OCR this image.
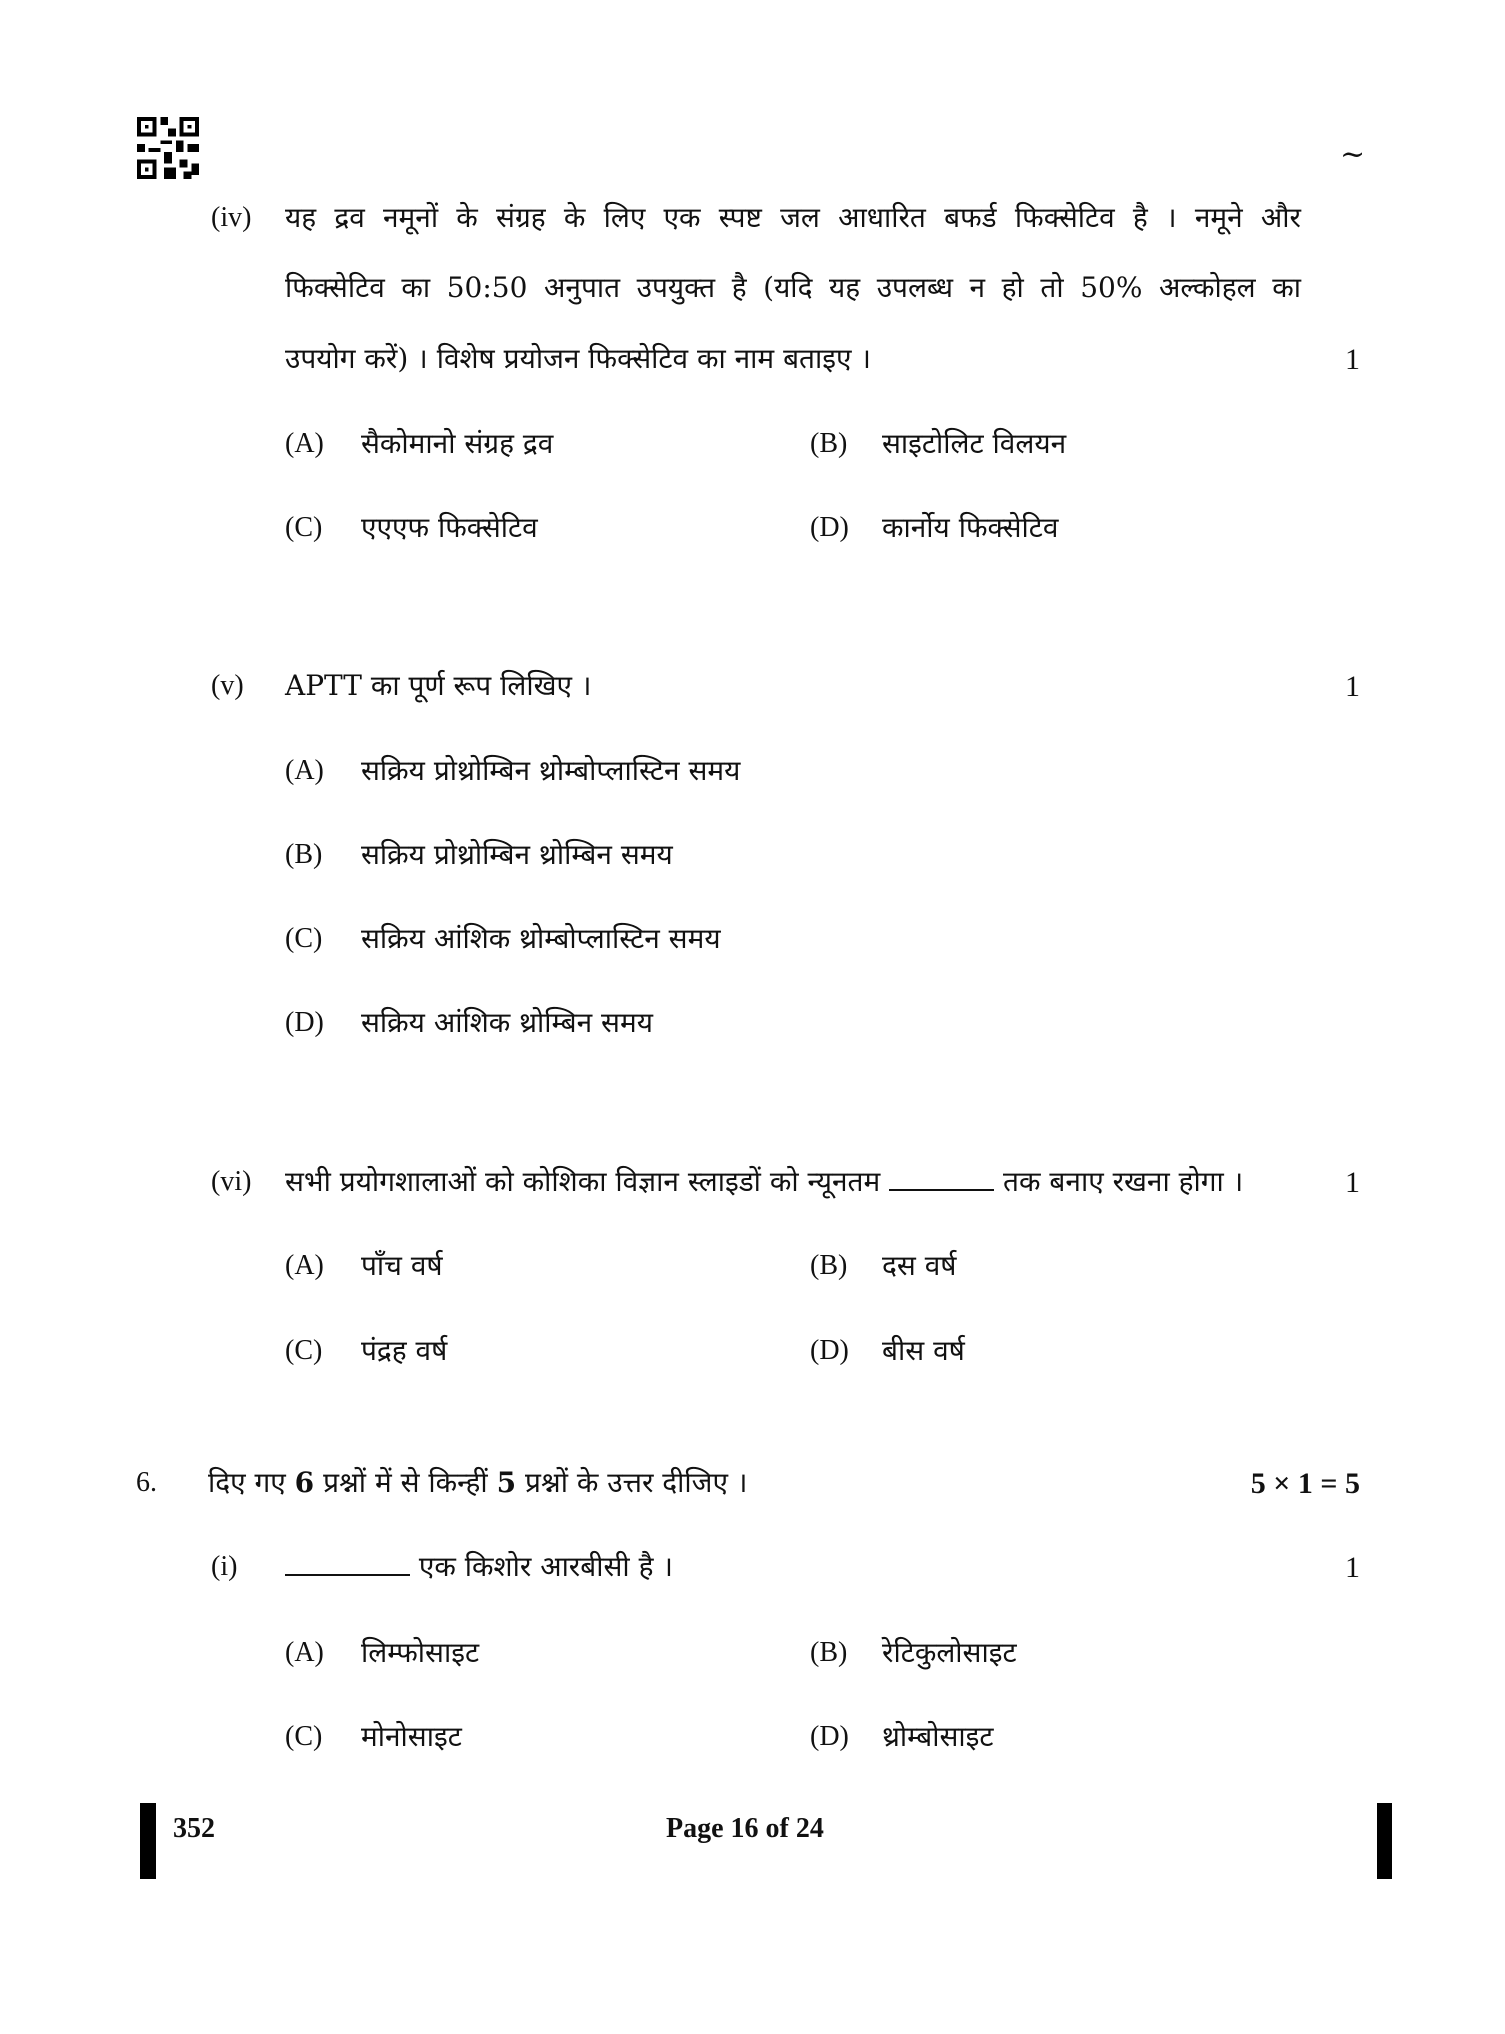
~
(iv) यह द्रव नमूनों के संग्रह के लिए एक स्पष्ट जल आधारित बफर्ड फिक्सेटिव है । नमूने और
फिक्सेटिव का 50:50 अनुपात उपयुक्त है (यदि यह उपलब्ध न हो तो 50% अल्कोहल का
उपयोग करें) । विशेष प्रयोजन फिक्सेटिव का नाम बताइए ।	1
(A) सैकोमानो संग्रह द्रव	(B) साइटोलिट विलयन
(C) एएएफ फिक्सेटिव	(D) कार्नोय फिक्सेटिव
(v) APTT का पूर्ण रूप लिखिए ।	1
(A) सक्रिय प्रोथ्रोम्बिन थ्रोम्बोप्लास्टिन समय
(B) सक्रिय प्रोथ्रोम्बिन थ्रोम्बिन समय
(C) सक्रिय आंशिक थ्रोम्बोप्लास्टिन समय
(D) सक्रिय आंशिक थ्रोम्बिन समय
(vi) सभी प्रयोगशालाओं को कोशिका विज्ञान स्लाइडों को न्यूनतम	तक बनाए रखना होगा ।	1
(A) पाँच वर्ष	(B) दस वर्ष
(C) पंद्रह वर्ष	(D) बीस वर्ष
6. दिए गए 6 प्रश्नों में से किन्हीं 5 प्रश्नों के उत्तर दीजिए ।	5 × 1 = 5
(i)	एक किशोर आरबीसी है ।	1
(A) लिम्फोसाइट	(B) रेटिकुलोसाइट
(C) मोनोसाइट	(D) थ्रोम्बोसाइट
352	Page 16 of 24
